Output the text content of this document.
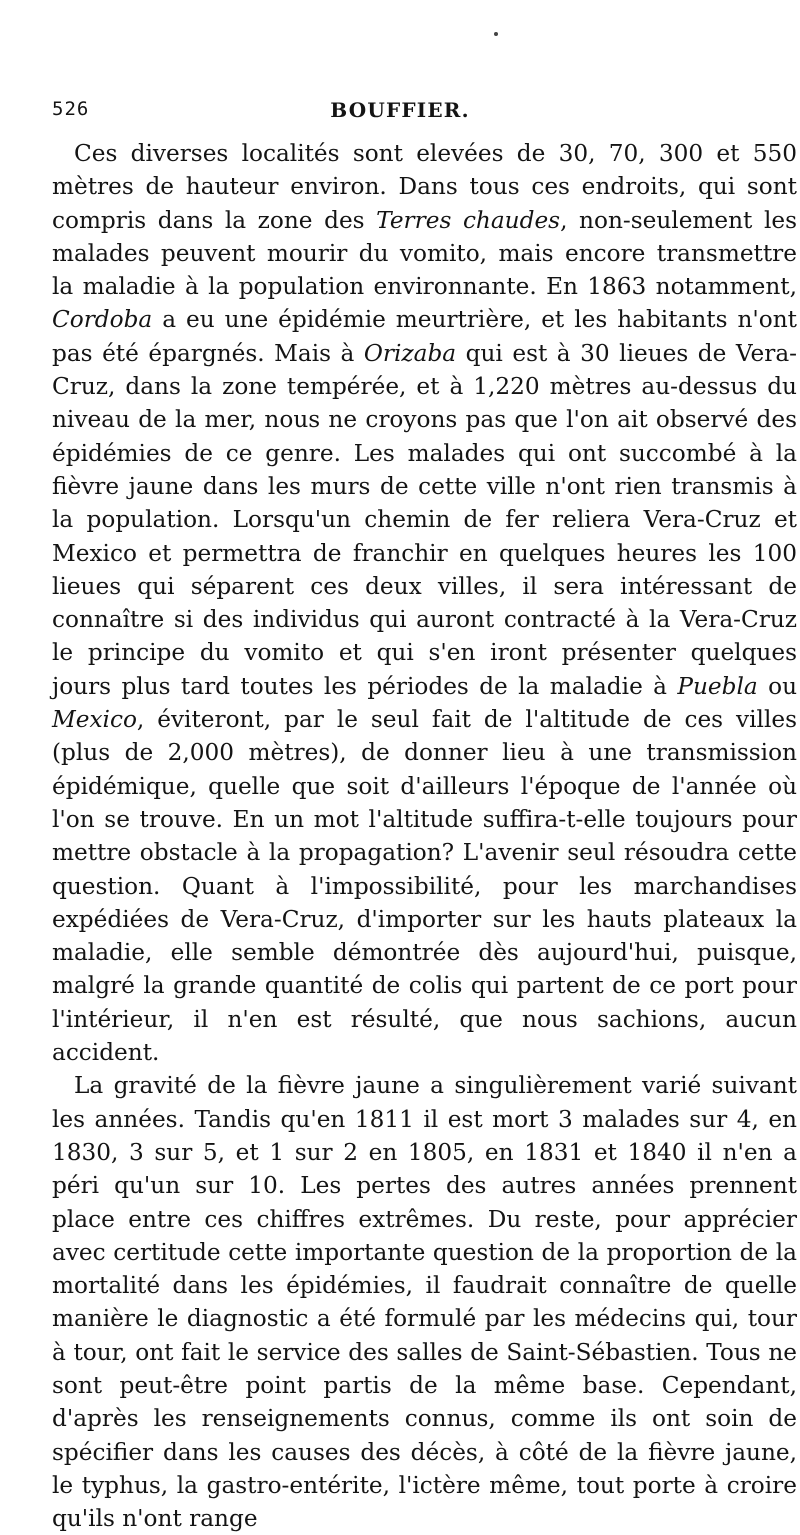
526	BOUFFIER.

Ces diverses localités sont elevées de 30, 70, 300 et 550 mètres de hauteur environ. Dans tous ces endroits, qui sont compris dans la zone des Terres chaudes, non-seulement les malades peuvent mourir du vomito, mais encore transmettre la maladie à la population environnante. En 1863 notamment, Cordoba a eu une épidémie meurtrière, et les habitants n'ont pas été épargnés. Mais à Orizaba qui est à 30 lieues de Vera-Cruz, dans la zone tempérée, et à 1,220 mètres au-dessus du niveau de la mer, nous ne croyons pas que l'on ait observé des épidémies de ce genre. Les malades qui ont succombé à la fièvre jaune dans les murs de cette ville n'ont rien transmis à la population. Lorsqu'un chemin de fer reliera Vera-Cruz et Mexico et permettra de franchir en quelques heures les 100 lieues qui séparent ces deux villes, il sera intéressant de connaître si des individus qui auront contracté à la Vera-Cruz le principe du vomito et qui s'en iront présenter quelques jours plus tard toutes les périodes de la maladie à Puebla ou Mexico, éviteront, par le seul fait de l'altitude de ces villes (plus de 2,000 mètres), de donner lieu à une transmission épidémique, quelle que soit d'ailleurs l'époque de l'année où l'on se trouve. En un mot l'altitude suffira-t-elle toujours pour mettre obstacle à la propagation? L'avenir seul résoudra cette question. Quant à l'impossibilité, pour les marchandises expédiées de Vera-Cruz, d'importer sur les hauts plateaux la maladie, elle semble démontrée dès aujourd'hui, puisque, malgré la grande quantité de colis qui partent de ce port pour l'intérieur, il n'en est résulté, que nous sachions, aucun accident.

La gravité de la fièvre jaune a singulièrement varié suivant les années. Tandis qu'en 1811 il est mort 3 malades sur 4, en 1830, 3 sur 5, et 1 sur 2 en 1805, en 1831 et 1840 il n'en a péri qu'un sur 10. Les pertes des autres années prennent place entre ces chiffres extrêmes. Du reste, pour apprécier avec certitude cette importante question de la proportion de la mortalité dans les épidémies, il faudrait connaître de quelle manière le diagnostic a été formulé par les médecins qui, tour à tour, ont fait le service des salles de Saint-Sébastien. Tous ne sont peut-être point partis de la même base. Cependant, d'après les renseignements connus, comme ils ont soin de spécifier dans les causes des décès, à côté de la fièvre jaune, le typhus, la gastro-entérite, l'ictère même, tout porte à croire qu'ils n'ont range
